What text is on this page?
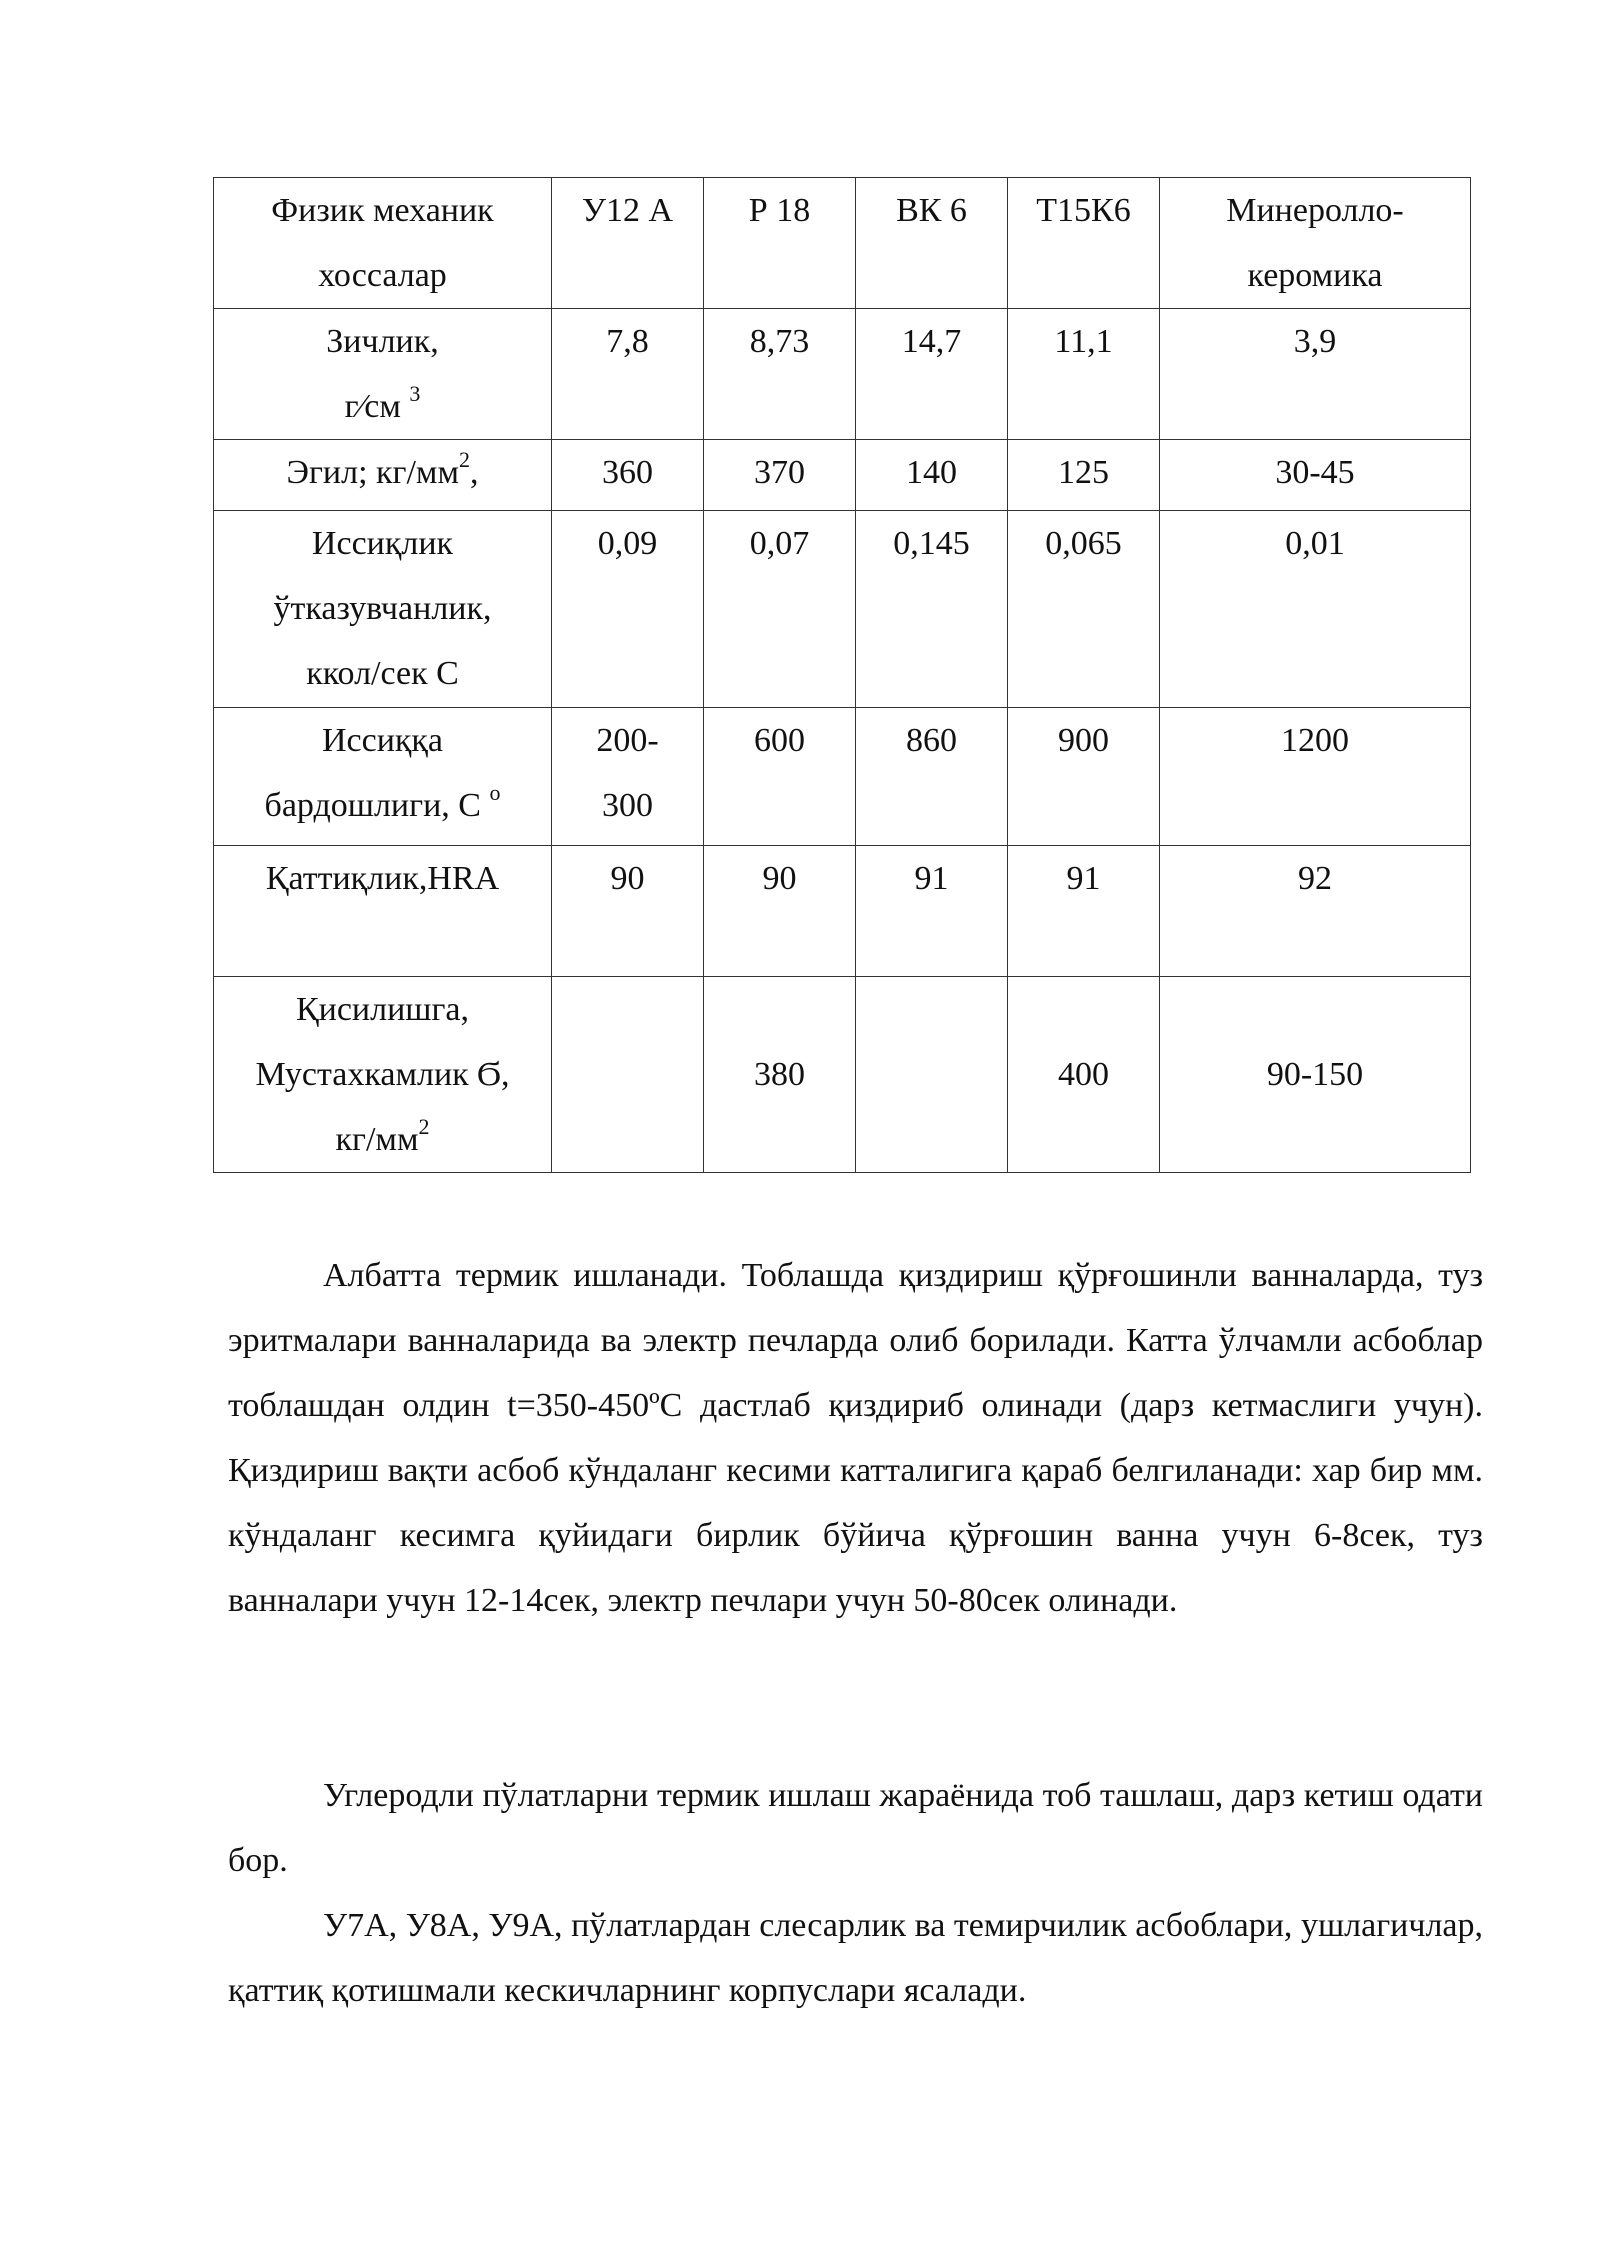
Физик механик
хоссалар	У12 А	Р 18	ВК 6	Т15К6	Минеролло-
керомика

Зичлик,
г⁄см $^3$	7,8	8,73	14,7	11,1	3,9
Эгил; $кг/мм^2$,	360	370	140	125	30-45

Иссиқлик
ўтказувчанлик,
ккол/сек С	0,09	0,07	0,145	0,065	0,01

Иссиққа
бардошлиги, С $^о$	200-
300	600	860	900	1200
Қаттиқлик,HRA	90	90	91	91	92

Қисилишга,
Мустахкамлик Ϭ,
$кг/мм^2$		380		400	90-150

Албатта термик ишланади. Тоблашда қиздириш қўрғошинли ванналарда, туз эритмалари ванналарида ва электр печларда олиб борилади. Катта ўлчамли асбоблар тоблашдан олдин t=350-450ºC дастлаб қиздириб олинади (дарз кетмаслиги учун). Қиздириш вақти асбоб кўндаланг кесими катталигига қараб белгиланади: хар бир мм. кўндаланг кесимга қуйидаги бирлик бўйича қўрғошин ванна учун 6-8сек, туз ванналари учун 12-14сек, электр печлари учун 50-80сек олинади.

Углеродли пўлатларни термик ишлаш жараёнида тоб ташлаш, дарз кетиш одати бор.

У7А, У8А, У9А, пўлатлардан слесарлик ва темирчилик асбоблари, ушлагичлар, қаттиқ қотишмали кескичларнинг корпуслари ясалади.
